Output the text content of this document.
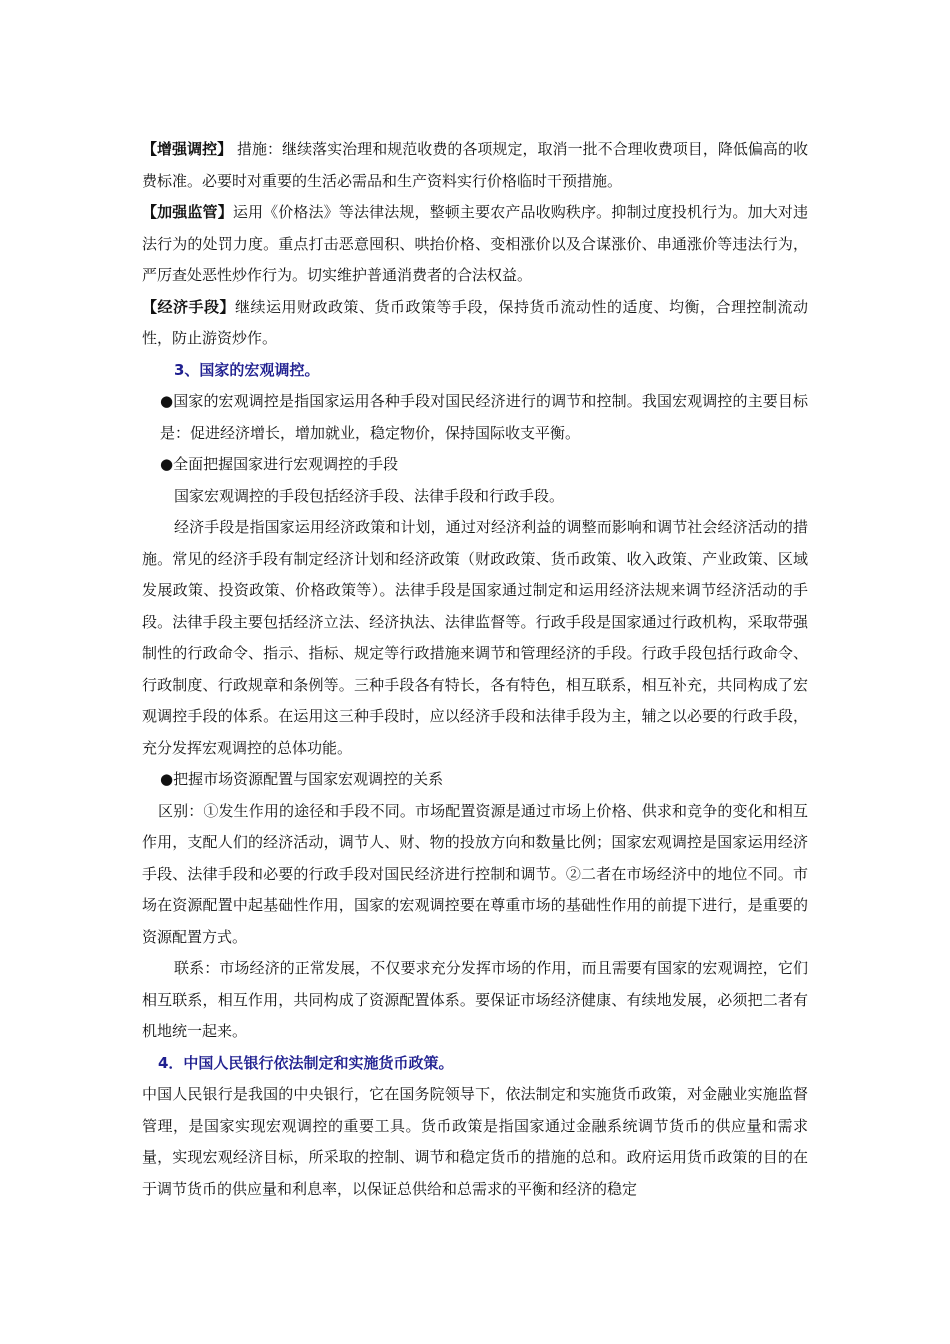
【增强调控】 措施：继续落实治理和规范收费的各项规定，取消一批不合理收费项目，降低偏高的收费标准。必要时对重要的生活必需品和生产资料实行价格临时干预措施。

【加强监管】运用《价格法》等法律法规，整顿主要农产品收购秩序。抑制过度投机行为。加大对违法行为的处罚力度。重点打击恶意囤积、哄抬价格、变相涨价以及合谋涨价、串通涨价等违法行为，严厉查处恶性炒作行为。切实维护普通消费者的合法权益。

【经济手段】继续运用财政政策、货币政策等手段，保持货币流动性的适度、均衡，合理控制流动性，防止游资炒作。

3、国家的宏观调控。

●国家的宏观调控是指国家运用各种手段对国民经济进行的调节和控制。我国宏观调控的主要目标是：促进经济增长，增加就业，稳定物价，保持国际收支平衡。

●全面把握国家进行宏观调控的手段

国家宏观调控的手段包括经济手段、法律手段和行政手段。

经济手段是指国家运用经济政策和计划，通过对经济利益的调整而影响和调节社会经济活动的措施。常见的经济手段有制定经济计划和经济政策（财政政策、货币政策、收入政策、产业政策、区域发展政策、投资政策、价格政策等）。法律手段是国家通过制定和运用经济法规来调节经济活动的手段。法律手段主要包括经济立法、经济执法、法律监督等。行政手段是国家通过行政机构，采取带强制性的行政命令、指示、指标、规定等行政措施来调节和管理经济的手段。行政手段包括行政命令、行政制度、行政规章和条例等。三种手段各有特长，各有特色，相互联系，相互补充，共同构成了宏观调控手段的体系。在运用这三种手段时，应以经济手段和法律手段为主，辅之以必要的行政手段，充分发挥宏观调控的总体功能。

●把握市场资源配置与国家宏观调控的关系

区别：①发生作用的途径和手段不同。市场配置资源是通过市场上价格、供求和竞争的变化和相互作用，支配人们的经济活动，调节人、财、物的投放方向和数量比例；国家宏观调控是国家运用经济手段、法律手段和必要的行政手段对国民经济进行控制和调节。②二者在市场经济中的地位不同。市场在资源配置中起基础性作用，国家的宏观调控要在尊重市场的基础性作用的前提下进行，是重要的资源配置方式。

联系：市场经济的正常发展，不仅要求充分发挥市场的作用，而且需要有国家的宏观调控，它们相互联系，相互作用，共同构成了资源配置体系。要保证市场经济健康、有续地发展，必须把二者有机地统一起来。

4．中国人民银行依法制定和实施货币政策。

中国人民银行是我国的中央银行，它在国务院领导下，依法制定和实施货币政策，对金融业实施监督管理，是国家实现宏观调控的重要工具。货币政策是指国家通过金融系统调节货币的供应量和需求量，实现宏观经济目标，所采取的控制、调节和稳定货币的措施的总和。政府运用货币政策的目的在于调节货币的供应量和利息率，以保证总供给和总需求的平衡和经济的稳定
